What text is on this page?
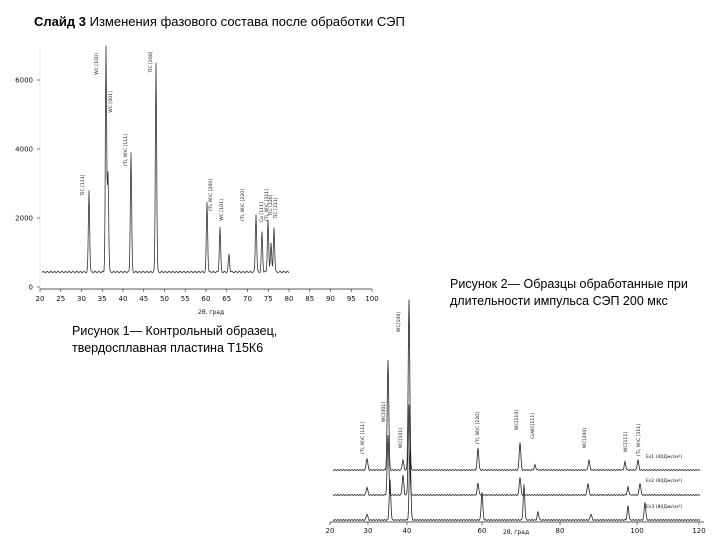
Слайд 3 Изменения фазового состава после обработки СЭП
Рисунок 2— Образцы обработанные при
длительности импульса СЭП 200 мкс
Рисунок 1— Контрольный образец,
твердосплавная пластина Т15К6
20 25 30 35 40 45 50 55 60 65 70 75 80 85 90 95 100
0
2000
4000
6000
2θ, град
TiC [111]
WC [100]
WC [001]
(Ti, W)C [111]
TiC [200]
(Ti, W)C [200] WC [101]	(Ti, W)C [220]	Co [111] (Ti, W)C [311] TiC [220] TiC [311]
20	30	40	60	80	100	120
2θ, град
Es1 (40Дж/см²)
Es2 (60Дж/см²)
Es3 (80Дж/см²)
(Ti, W)C [111]
WC[001]
WC[100]
WC[101]	(Ti, W)C [220]	WC[110] CoWC[111]	WC[200]	WC[111] (Ti, W)C [311]
